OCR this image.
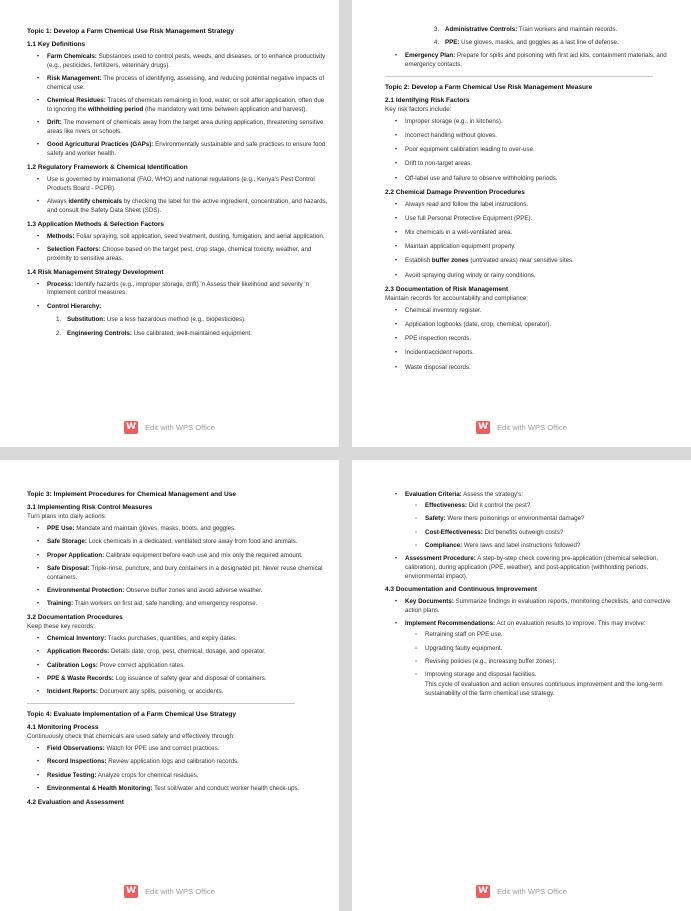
Topic 1: Develop a Farm Chemical Use Risk Management Strategy
1.1 Key Definitions
• Farm Chemicals: Substances used to control pests, weeds, and diseases, or to enhance productivity (e.g., pesticides, fertilizers, veterinary drugs).
• Risk Management: The process of identifying, assessing, and reducing potential negative impacts of chemical use.
• Chemical Residues: Traces of chemicals remaining in food, water, or soil after application, often due to ignoring the withholding period (the mandatory wait time between application and harvest).
• Drift: The movement of chemicals away from the target area during application, threatening sensitive areas like rivers or schools.
• Good Agricultural Practices (GAPs): Environmentally sustainable and safe practices to ensure food safety and worker health.
1.2 Regulatory Framework & Chemical Identification
• Use is governed by international (FAO, WHO) and national regulations (e.g., Kenya's Pest Control Products Board - PCPB).
• Always identify chemicals by checking the label for the active ingredient, concentration, and hazards, and consult the Safety Data Sheet (SDS).
1.3 Application Methods & Selection Factors
• Methods: Foliar spraying, soil application, seed treatment, dusting, fumigation, and aerial application.
• Selection Factors: Choose based on the target pest, crop stage, chemical toxicity, weather, and proximity to sensitive areas.
1.4 Risk Management Strategy Development
• Process: Identify hazards (e.g., improper storage, drift) 'n Assess their likelihood and severity 'n Implement control measures.
• Control Hierarchy:
1. Substitution: Use a less hazardous method (e.g., biopesticides).
2. Engineering Controls: Use calibrated, well-maintained equipment.
W Edit with WPS Office
3. Administrative Controls: Train workers and maintain records.
4. PPE: Use gloves, masks, and goggles as a last line of defense.
• Emergency Plan: Prepare for spills and poisoning with first aid kits, containment materials, and emergency contacts.
Topic 2: Develop a Farm Chemical Use Risk Management Measure
2.1 Identifying Risk Factors
Key risk factors include:
• Improper storage (e.g., in kitchens).
• Incorrect handling without gloves.
• Poor equipment calibration leading to over-use.
• Drift to non-target areas.
• Off-label use and failure to observe withholding periods.
2.2 Chemical Damage Prevention Procedures
• Always read and follow the label instructions.
• Use full Personal Protective Equipment (PPE).
• Mix chemicals in a well-ventilated area.
• Maintain application equipment properly.
• Establish buffer zones (untreated areas) near sensitive sites.
• Avoid spraying during windy or rainy conditions.
2.3 Documentation of Risk Management
Maintain records for accountability and compliance:
• Chemical inventory register.
• Application logbooks (date, crop, chemical, operator).
• PPE inspection records.
• Incident/accident reports.
• Waste disposal records.
W Edit with WPS Office
Topic 3: Implement Procedures for Chemical Management and Use
3.1 Implementing Risk Control Measures
Turn plans into daily actions:
• PPE Use: Mandate and maintain gloves, masks, boots, and goggles.
• Safe Storage: Lock chemicals in a dedicated, ventilated store away from food and animals.
• Proper Application: Calibrate equipment before each use and mix only the required amount.
• Safe Disposal: Triple-rinse, puncture, and bury containers in a designated pit. Never reuse chemical containers.
• Environmental Protection: Observe buffer zones and avoid adverse weather.
• Training: Train workers on first aid, safe handling, and emergency response.
3.2 Documentation Procedures
Keep these key records:
• Chemical Inventory: Tracks purchases, quantities, and expiry dates.
• Application Records: Details date, crop, pest, chemical, dosage, and operator.
• Calibration Logs: Prove correct application rates.
• PPE & Waste Records: Log issuance of safety gear and disposal of containers.
• Incident Reports: Document any spills, poisoning, or accidents.
Topic 4: Evaluate Implementation of a Farm Chemical Use Strategy
4.1 Monitoring Process
Continuously check that chemicals are used safely and effectively through:
• Field Observations: Watch for PPE use and correct practices.
• Record Inspections: Review application logs and calibration records.
• Residue Testing: Analyze crops for chemical residues.
• Environmental & Health Monitoring: Test soil/water and conduct worker health check-ups.
4.2 Evaluation and Assessment
W Edit with WPS Office
• Evaluation Criteria: Assess the strategy's:
▫ Effectiveness: Did it control the pest?
▫ Safety: Were there poisonings or environmental damage?
▫ Cost-Effectiveness: Did benefits outweigh costs?
▫ Compliance: Were laws and label instructions followed?
• Assessment Procedure: A step-by-step check covering pre-application (chemical selection, calibration), during application (PPE, weather), and post-application (withholding periods, environmental impact).
4.3 Documentation and Continuous Improvement
• Key Documents: Summarize findings in evaluation reports, monitoring checklists, and corrective action plans.
• Implement Recommendations: Act on evaluation results to improve. This may involve:
▫ Retraining staff on PPE use.
▫ Upgrading faulty equipment.
▫ Revising policies (e.g., increasing buffer zones).
▫ Improving storage and disposal facilities.
This cycle of evaluation and action ensures continuous improvement and the long-term sustainability of the farm chemical use strategy.
W Edit with WPS Office
